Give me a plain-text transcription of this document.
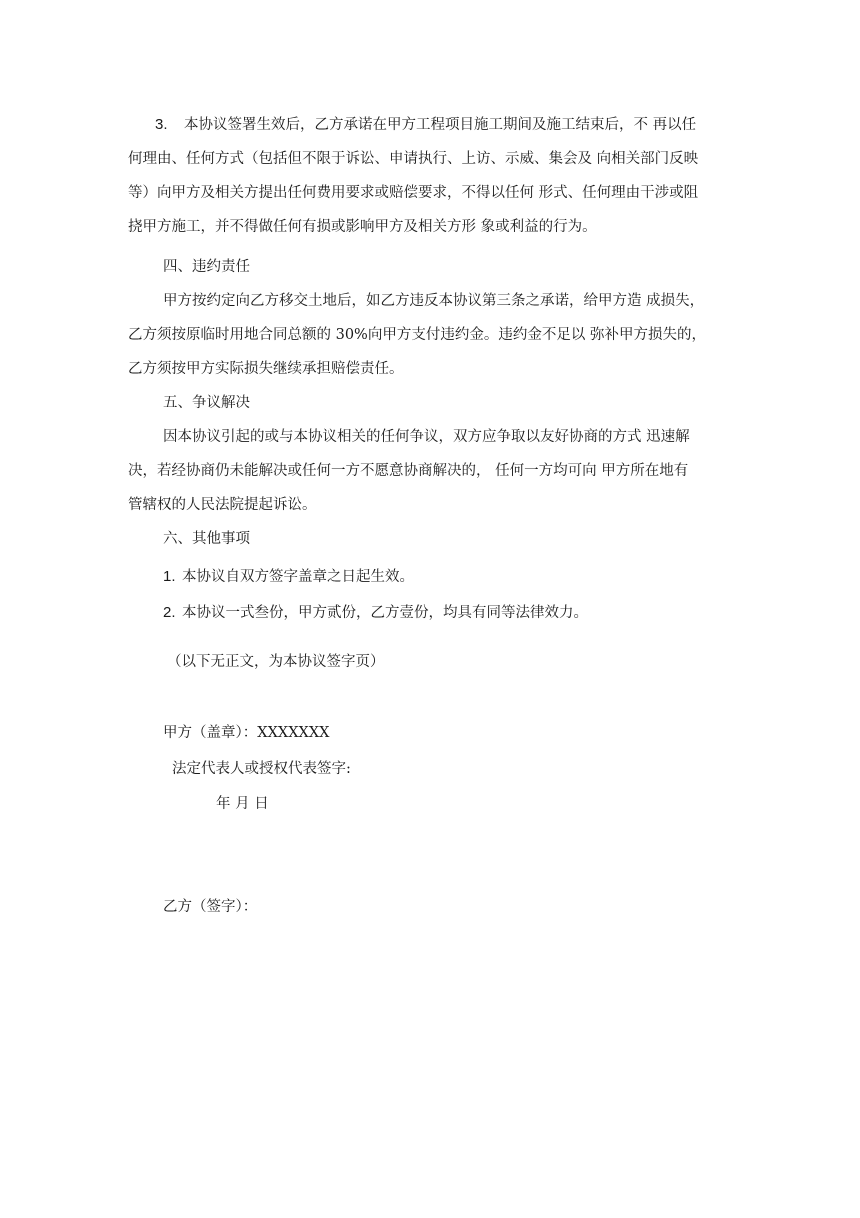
3. 本协议签署生效后，乙方承诺在甲方工程项目施工期间及施工结束后，不 再以任
何理由、任何方式（包括但不限于诉讼、申请执行、上访、示威、集会及 向相关部门反映
等）向甲方及相关方提出任何费用要求或赔偿要求，不得以任何 形式、任何理由干涉或阻
挠甲方施工，并不得做任何有损或影响甲方及相关方形 象或利益的行为。
四、违约责任
甲方按约定向乙方移交土地后，如乙方违反本协议第三条之承诺，给甲方造 成损失，
乙方须按原临时用地合同总额的 30%向甲方支付违约金。违约金不足以 弥补甲方损失的，
乙方须按甲方实际损失继续承担赔偿责任。
五、争议解决
因本协议引起的或与本协议相关的任何争议，双方应争取以友好协商的方式 迅速解
决，若经协商仍未能解决或任何一方不愿意协商解决的， 任何一方均可向 甲方所在地有
管辖权的人民法院提起诉讼。
六、其他事项
1. 本协议自双方签字盖章之日起生效。
2. 本协议一式叁份，甲方贰份，乙方壹份，均具有同等法律效力。
（以下无正文，为本协议签字页）
甲方（盖章）：XXXXXXX
法定代表人或授权代表签字:
年 月 日
乙方（签字）：
